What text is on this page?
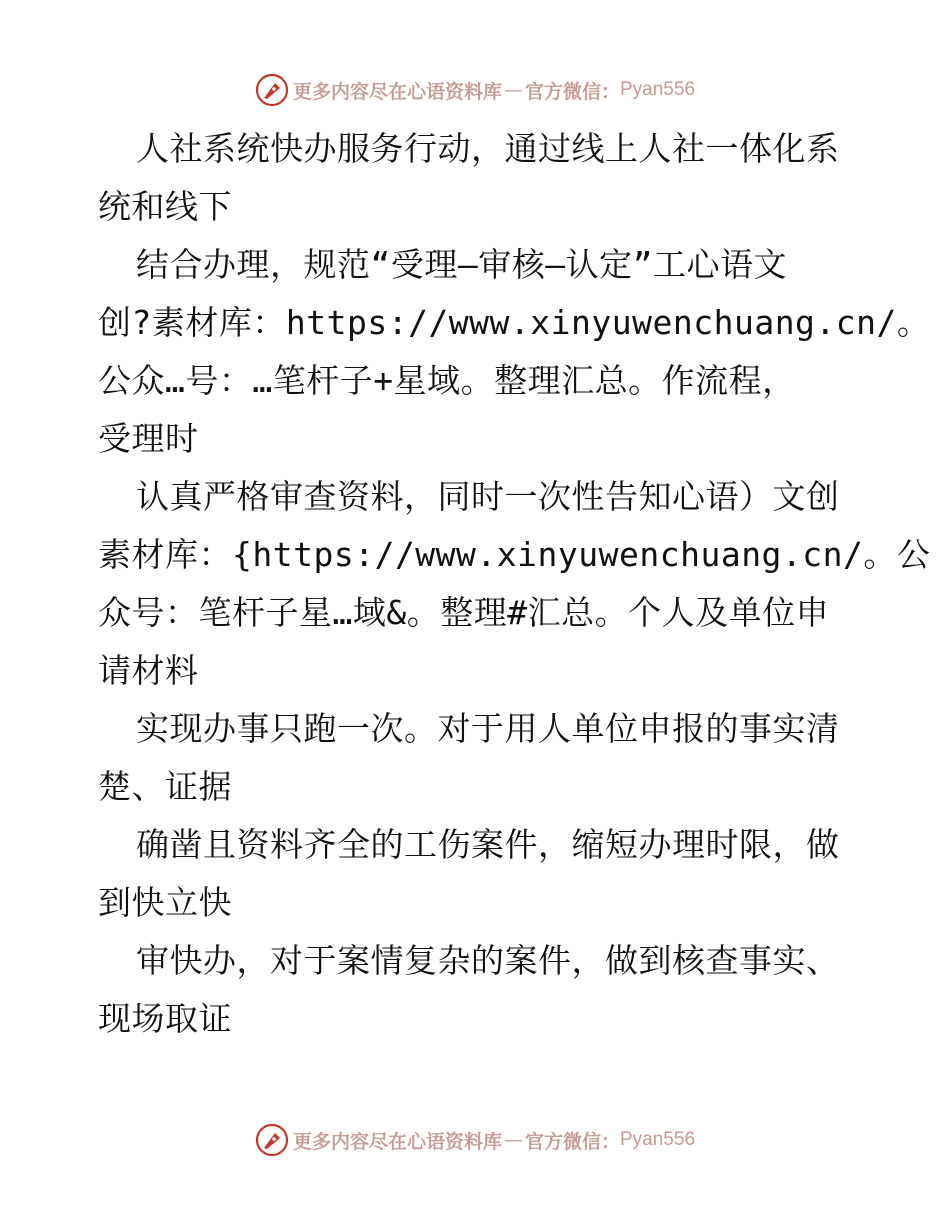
更多内容尽在心语资料库 — 官方微信： Pyan556
人社系统快办服务行动，通过线上人社一体化系
统和线下
结合办理，规范“受理—审核—认定”工心语文
创?素材库：https://www.xinyuwenchuang.cn/。
公众…号：…笔杆子+星域。整理汇总。作流程，
受理时
认真严格审查资料，同时一次性告知心语）文创
素材库：{https://www.xinyuwenchuang.cn/。公
众号：笔杆子星…域&。整理#汇总。个人及单位申
请材料
实现办事只跑一次。对于用人单位申报的事实清
楚、证据
确凿且资料齐全的工伤案件，缩短办理时限，做
到快立快
审快办，对于案情复杂的案件，做到核查事实、
现场取证
更多内容尽在心语资料库 — 官方微信： Pyan556
